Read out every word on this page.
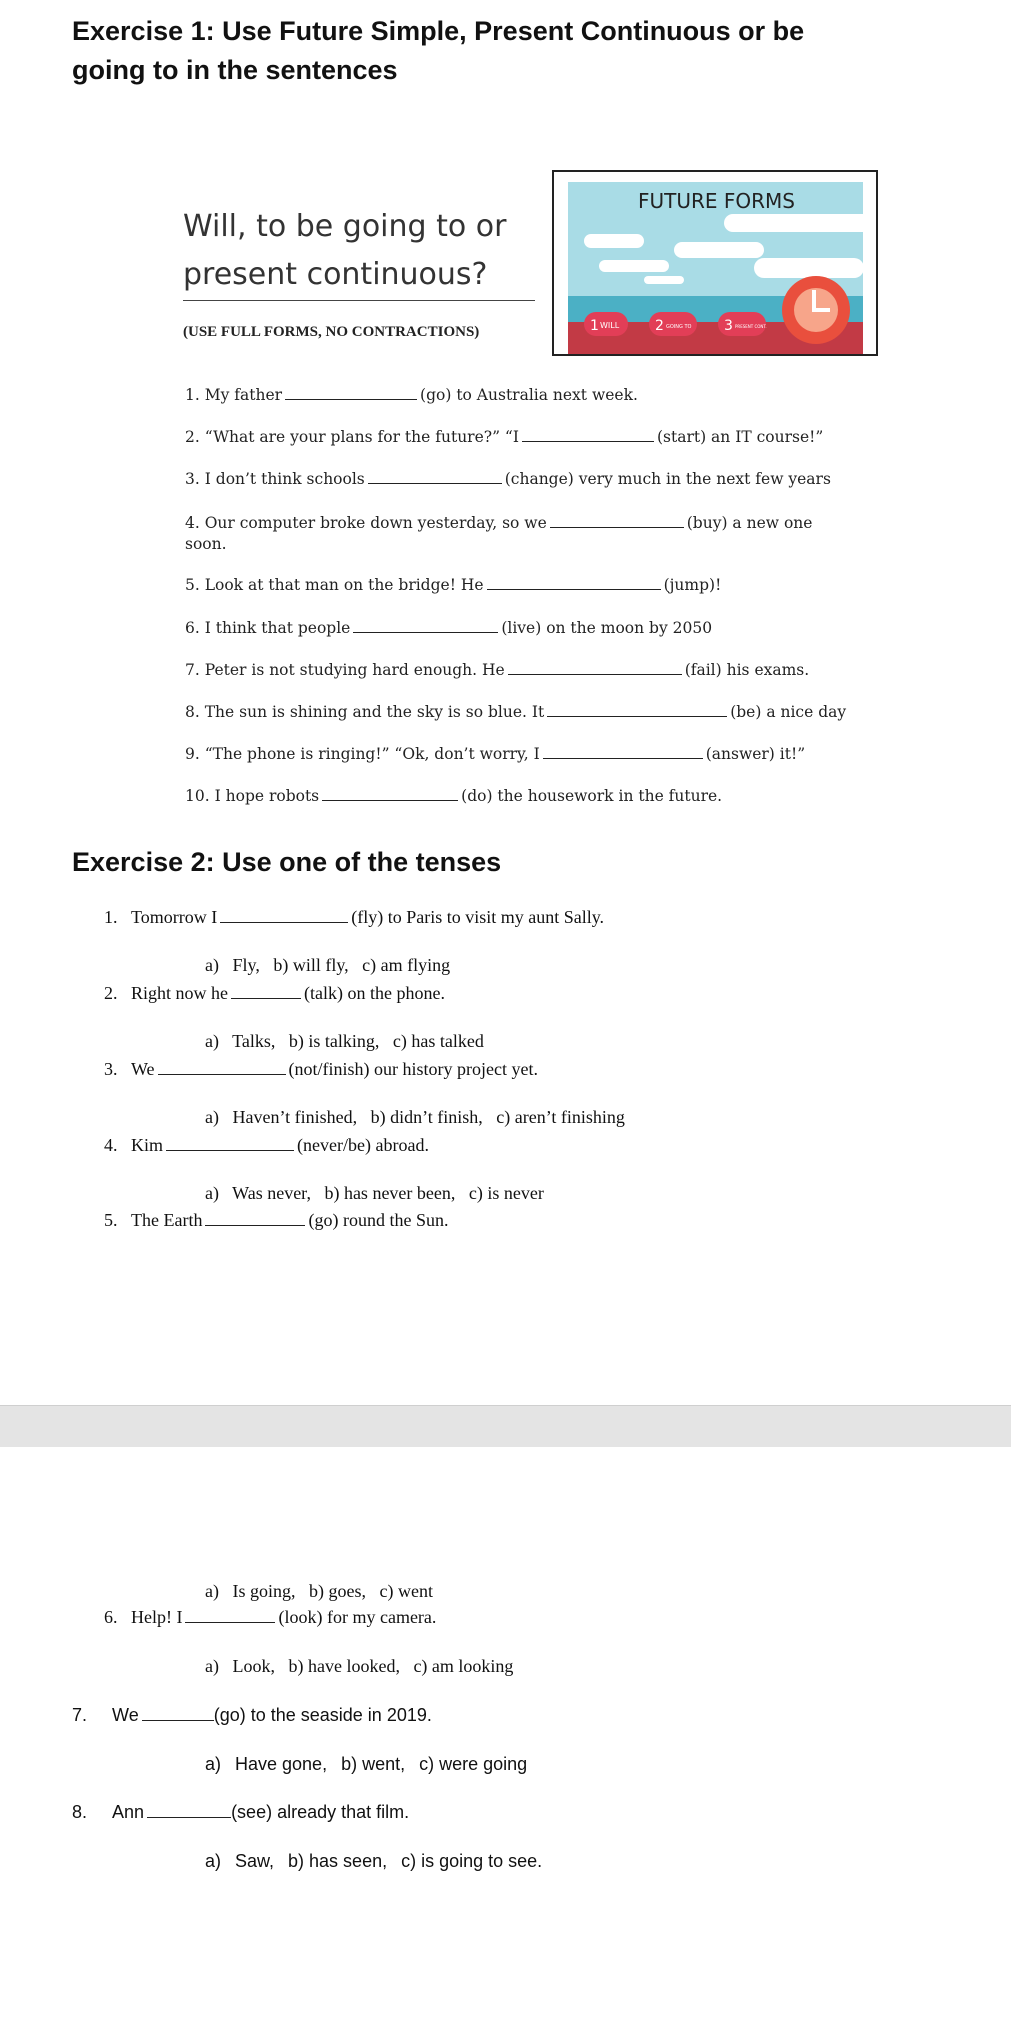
Exercise 1: Use Future Simple, Present Continuous or be
going to in the sentences
Will, to be going to or
present continuous?
(USE FULL FORMS, NO CONTRACTIONS)	1 WILL	2 GOING TO 3 PRESENT CONT.
FUTURE FORMS
1. My father	(go) to Australia next week.
2. “What are your plans for the future?” “I	(start) an IT course!”
3. I don’t think schools	(change) very much in the next few years
4. Our computer broke down yesterday, so we	(buy) a new one
soon.
5. Look at that man on the bridge! He	(jump)!
6. I think that people	(live) on the moon by 2050
7. Peter is not studying hard enough. He	(fail) his exams.
8. The sun is shining and the sky is so blue. It	(be) a nice day
9. “The phone is ringing!” “Ok, don’t worry, I	(answer) it!”
10. I hope robots	(do) the housework in the future.
Exercise 2: Use one of the tenses
1. Tomorrow I	(fly) to Paris to visit my aunt Sally.
a)  Fly,  b) will fly,  c) am flying
2. Right now he	(talk) on the phone.
a)  Talks,  b) is talking,  c) has talked
3. We	(not/finish) our history project yet.
a)  Haven’t finished,  b) didn’t finish,  c) aren’t finishing
4. Kim	(never/be) abroad.
a)  Was never,  b) has never been,  c) is never
5. The Earth	(go) round the Sun.
a)  Is going,  b) goes,  c) went
6. Help! I	(look) for my camera.
a)  Look,  b) have looked,  c) am looking
7. We	(go) to the seaside in 2019.
a)  Have gone,  b) went,  c) were going
8. Ann	(see) already that film.
a)  Saw,  b) has seen,  c) is going to see.
